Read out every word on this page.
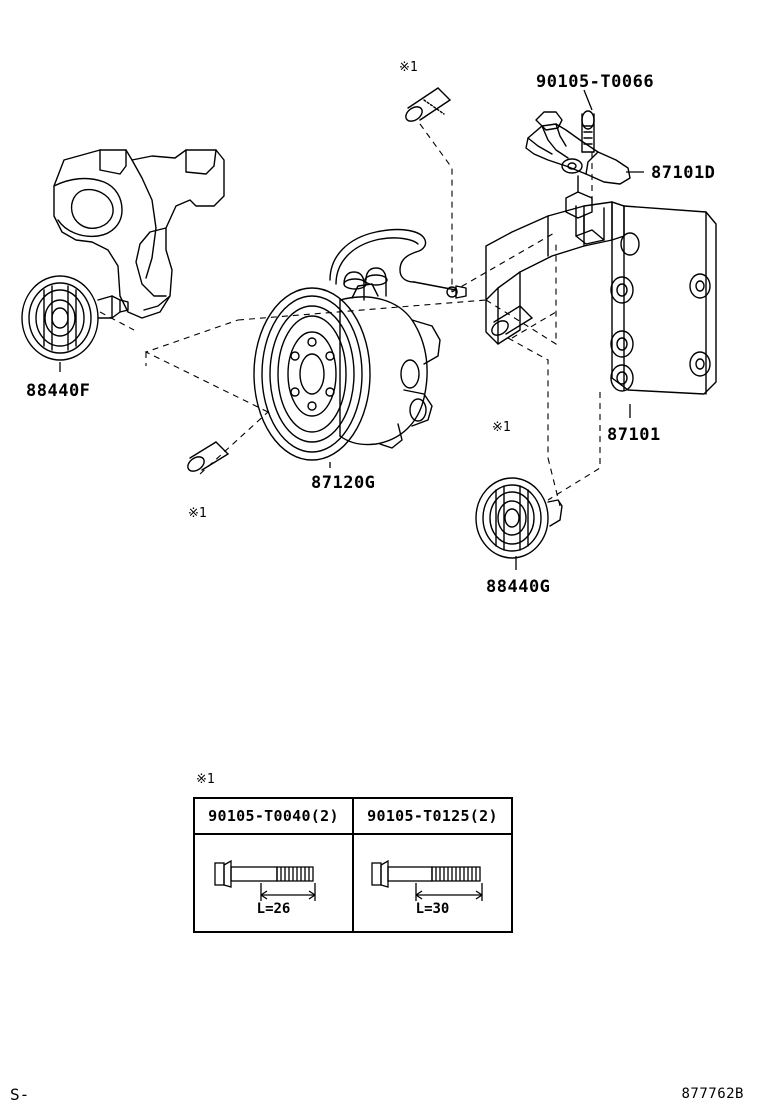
88440F
87120G
88440G
87101
87101D
90105-T0066
※1
※1
※1
※1
90105-T0040(2)	90105-T0125(2)
L=26	L=30
S-	877762B
